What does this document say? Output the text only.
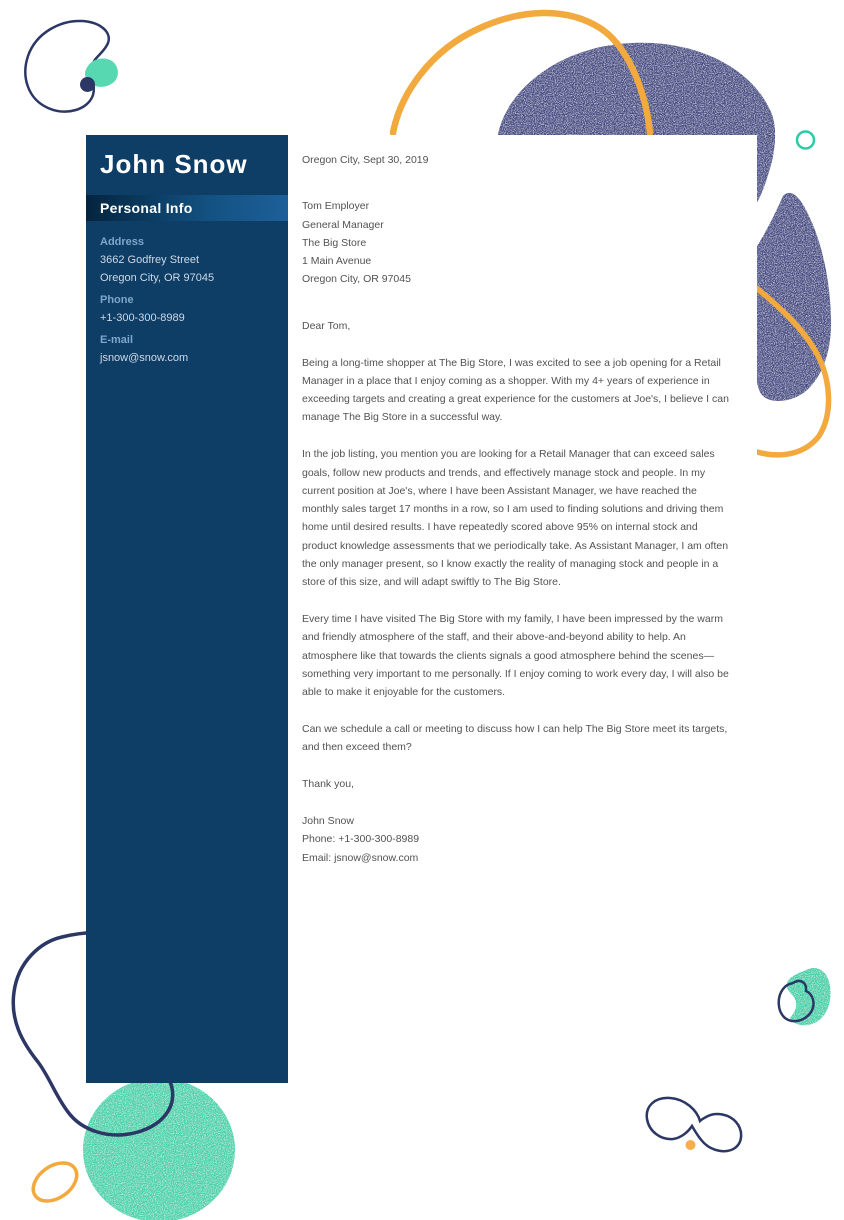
Oregon City, Sept 30, 2019

Tom Employer
General Manager
The Big Store
1 Main Avenue
Oregon City, OR 97045

Dear Tom,

Being a long-time shopper at The Big Store, I was excited to see a job opening for a Retail Manager in a place that I enjoy coming as a shopper. With my 4+ years of experience in exceeding targets and creating a great experience for the customers at Joe's, I believe I can manage The Big Store in a successful way.

In the job listing, you mention you are looking for a Retail Manager that can exceed sales goals, follow new products and trends, and effectively manage stock and people. In my current position at Joe's, where I have been Assistant Manager, we have reached the monthly sales target 17 months in a row, so I am used to finding solutions and driving them home until desired results. I have repeatedly scored above 95% on internal stock and product knowledge assessments that we periodically take. As Assistant Manager, I am often the only manager present, so I know exactly the reality of managing stock and people in a store of this size, and will adapt swiftly to The Big Store.

Every time I have visited The Big Store with my family, I have been impressed by the warm and friendly atmosphere of the staff, and their above-and-beyond ability to help. An atmosphere like that towards the clients signals a good atmosphere behind the scenes—something very important to me personally. If I enjoy coming to work every day, I will also be able to make it enjoyable for the customers.

Can we schedule a call or meeting to discuss how I can help The Big Store meet its targets, and then exceed them?

Thank you,

John Snow
Phone: +1-300-300-8989
Email: jsnow@snow.com
John Snow
Personal Info
Address
3662 Godfrey Street
Oregon City, OR 97045
Phone
+1-300-300-8989
E-mail
jsnow@snow.com
